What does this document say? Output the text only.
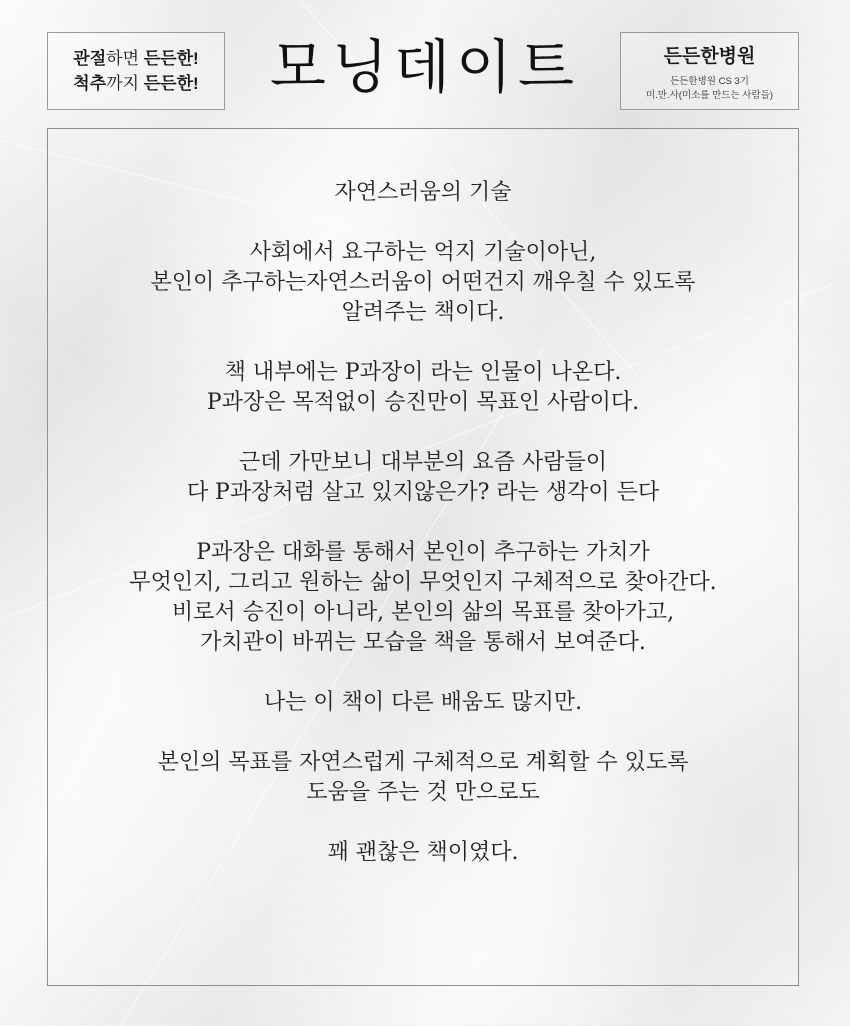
관절하면 든든한!
척추까지 든든한!	모닝데이트	든든한병원
든든한병원 CS 3기
미.만.사(미소를 만드는 사람들)
자연스러움의 기술
사회에서 요구하는 억지 기술이아닌,
본인이 추구하는자연스러움이 어떤건지 깨우칠 수 있도록
알려주는 책이다.
책 내부에는 P과장이 라는 인물이 나온다.
P과장은 목적없이 승진만이 목표인 사람이다.
근데 가만보니 대부분의 요즘 사람들이
다 P과장처럼 살고 있지않은가? 라는 생각이 든다
P과장은 대화를 통해서 본인이 추구하는 가치가
무엇인지, 그리고 원하는 삶이 무엇인지 구체적으로 찾아간다.
비로서 승진이 아니라, 본인의 삶의 목표를 찾아가고,
가치관이 바뀌는 모습을 책을 통해서 보여준다.
나는 이 책이 다른 배움도 많지만.
본인의 목표를 자연스럽게 구체적으로 계획할 수 있도록
도움을 주는 것 만으로도
꽤 괜찮은 책이였다.
